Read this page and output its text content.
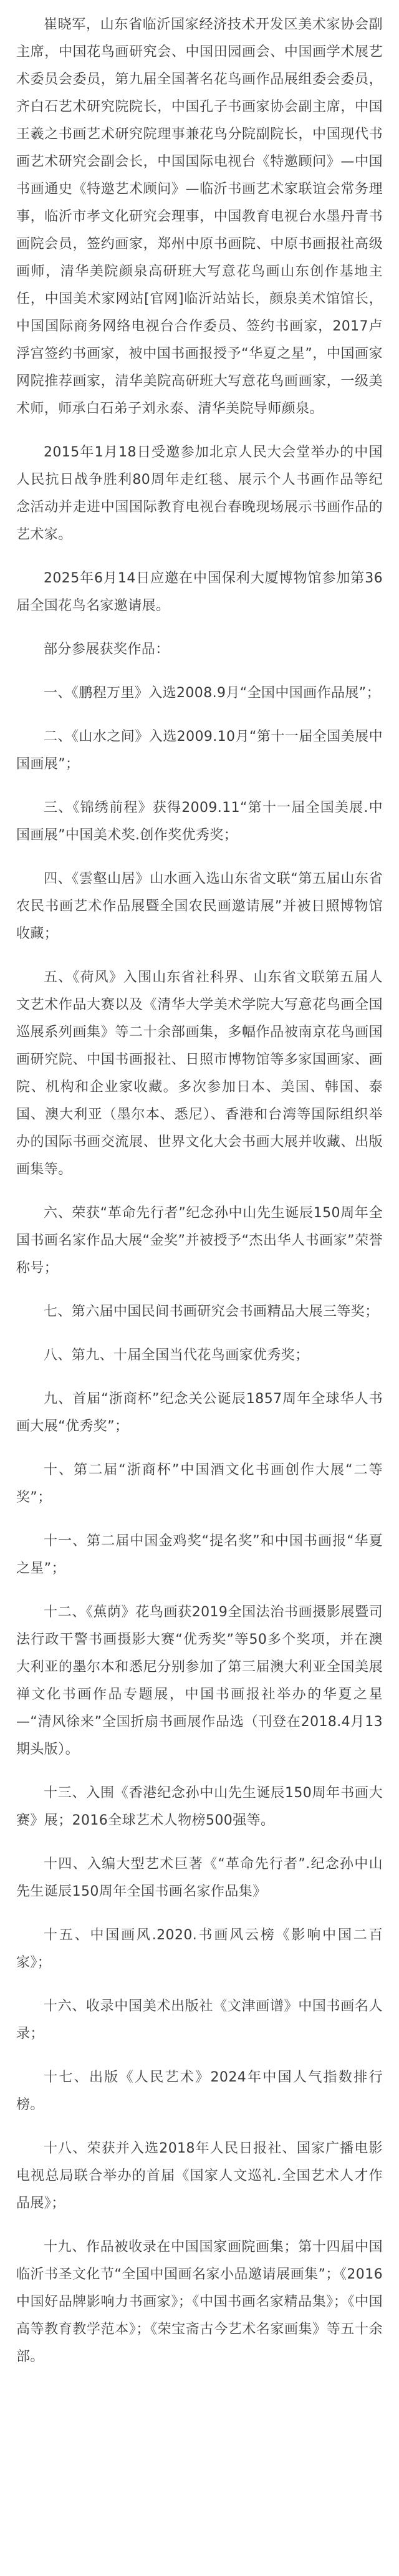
崔晓军，山东省临沂国家经济技术开发区美术家协会副主席，中国花鸟画研究会、中国田园画会、中国画学术展艺术委员会委员，第九届全国著名花鸟画作品展组委会委员，齐白石艺术研究院院长，中国孔子书画家协会副主席，中国王羲之书画艺术研究院理事兼花鸟分院副院长，中国现代书画艺术研究会副会长，中国国际电视台《特邀顾问》—中国书画通史《特邀艺术顾问》—临沂书画艺术家联谊会常务理事，临沂市孝文化研究会理事，中国教育电视台水墨丹青书画院会员，签约画家，郑州中原书画院、中原书画报社高级画师，清华美院颜泉高研班大写意花鸟画山东创作基地主任，中国美术家网站[官网]临沂站站长，颜泉美术馆馆长，中国国际商务网络电视台合作委员、签约书画家，2017卢浮宫签约书画家，被中国书画报授予“华夏之星”，中国画家网院推荐画家，清华美院高研班大写意花鸟画画家，一级美术师，师承白石弟子刘永泰、清华美院导师颜泉。

2015年1月18日受邀参加北京人民大会堂举办的中国人民抗日战争胜利80周年走红毯、展示个人书画作品等纪念活动并走进中国国际教育电视台春晚现场展示书画作品的艺术家。

2025年6月14日应邀在中国保利大厦博物馆参加第36届全国花鸟名家邀请展。

部分参展获奖作品：

一、《鹏程万里》入选2008.9月“全国中国画作品展”；

二、《山水之间》入选2009.10月“第十一届全国美展中国画展”；

三、《锦绣前程》获得2009.11“第十一届全国美展.中国画展”中国美术奖.创作奖优秀奖；

四、《雲壑山居》山水画入选山东省文联“第五届山东省农民书画艺术作品展暨全国农民画邀请展”并被日照博物馆收藏；

五、《荷风》入围山东省社科界、山东省文联第五届人文艺术作品大赛以及《清华大学美术学院大写意花鸟画全国巡展系列画集》等二十余部画集，多幅作品被南京花鸟画国画研究院、中国书画报社、日照市博物馆等多家国画家、画院、机构和企业家收藏。多次参加日本、美国、韩国、泰国、澳大利亚（墨尔本、悉尼）、香港和台湾等国际组织举办的国际书画交流展、世界文化大会书画大展并收藏、出版画集等。

六、荣获“革命先行者”纪念孙中山先生诞辰150周年全国书画名家作品大展“金奖”并被授予“杰出华人书画家”荣誉称号；

七、第六届中国民间书画研究会书画精品大展三等奖；

八、第九、十届全国当代花鸟画家优秀奖；

九、首届“浙商杯”纪念关公诞辰1857周年全球华人书画大展“优秀奖”；

十、第二届“浙商杯”中国酒文化书画创作大展“二等奖”；

十一、第二届中国金鸡奖“提名奖”和中国书画报“华夏之星”；

十二、《蕉荫》花鸟画获2019全国法治书画摄影展暨司法行政干警书画摄影大赛“优秀奖”等50多个奖项，并在澳大利亚的墨尔本和悉尼分别参加了第三届澳大利亚全国美展禅文化书画作品专题展，中国书画报社举办的华夏之星—“清风徐来”全国折扇书画展作品选（刊登在2018.4月13期头版）。

十三、入围《香港纪念孙中山先生诞辰150周年书画大赛》展；2016全球艺术人物榜500强等。

十四、入编大型艺术巨著《“革命先行者”.纪念孙中山先生诞辰150周年全国书画名家作品集》

十五、中国画风.2020.书画风云榜《影响中国二百家》；

十六、收录中国美术出版社《文津画谱》中国书画名人录；

十七、出版《人民艺术》2024年中国人气指数排行榜。

十八、荣获并入选2018年人民日报社、国家广播电影电视总局联合举办的首届《国家人文巡礼.全国艺术人才作品展》；

十九、作品被收录在中国国家画院画集；第十四届中国临沂书圣文化节“全国中国画名家小品邀请展画集”；《2016中国好品牌影响力书画家》；《中国书画名家精品集》；《中国高等教育教学范本》；《荣宝斋古今艺术名家画集》等五十余部。
